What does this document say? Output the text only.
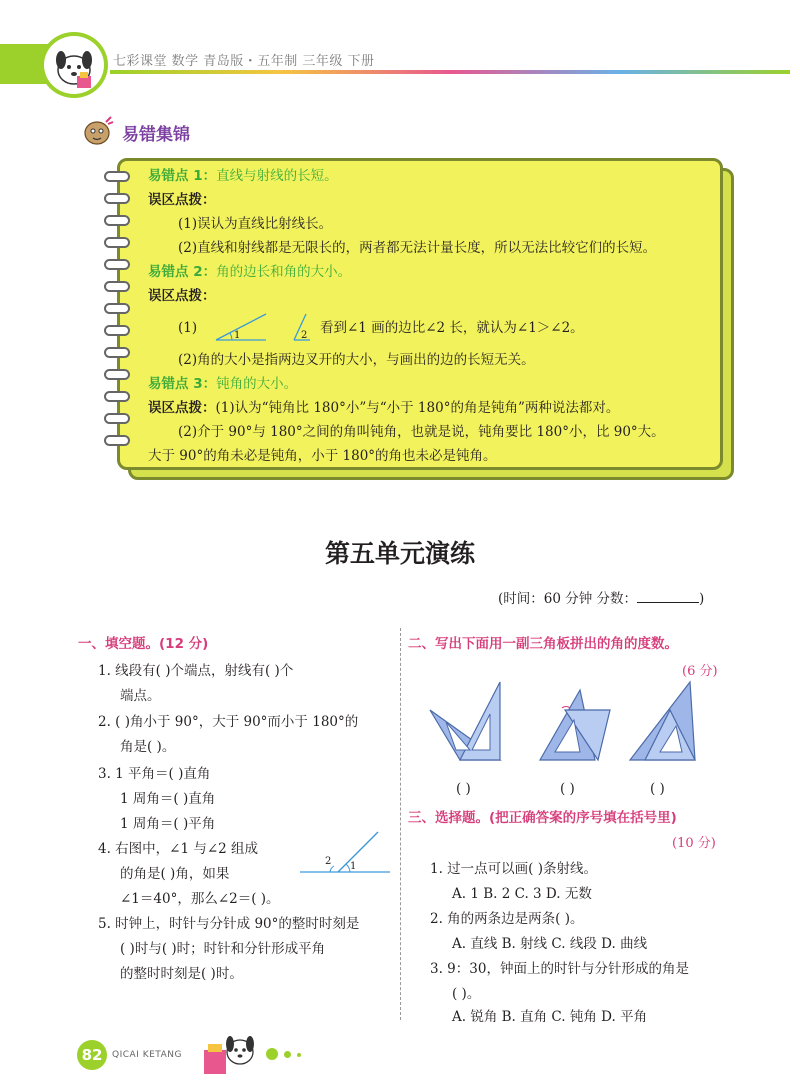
七彩课堂 数学 青岛版・五年制 三年级 下册
易错集锦
易错点 1：直线与射线的长短。
误区点拨：
(1)误认为直线比射线长。
(2)直线和射线都是无限长的，两者都无法计量长度，所以无法比较它们的长短。
易错点 2：角的边长和角的大小。
误区点拨：
(1)	1	2 看到∠1 画的边比∠2 长，就认为∠1＞∠2。
(2)角的大小是指两边叉开的大小，与画出的边的长短无关。
易错点 3：钝角的大小。
误区点拨：(1)认为“钝角比 180°小”与“小于 180°的角是钝角”两种说法都对。
(2)介于 90°与 180°之间的角叫钝角，也就是说，钝角要比 180°小，比 90°大。
大于 90°的角未必是钝角，小于 180°的角也未必是钝角。
第五单元演练
(时间：60 分钟 分数：	)
一、填空题。(12 分)
1. 线段有( )个端点，射线有( )个
端点。
2. ( )角小于 90°，大于 90°而小于 180°的
角是( )。
3. 1 平角＝( )直角
1 周角＝( )直角
1 周角＝( )平角
4. 右图中，∠1 与∠2 组成
的角是( )角，如果
∠1＝40°，那么∠2＝( )。
1
2
5. 时钟上，时针与分针成 90°的整时时刻是
( )时与( )时；时针和分针形成平角
的整时时刻是( )时。
二、写出下面用一副三角板拼出的角的度数。
(6 分)
( )	( )	( )
三、选择题。(把正确答案的序号填在括号里)
(10 分)
1. 过一点可以画( )条射线。
A. 1 B. 2 C. 3 D. 无数
2. 角的两条边是两条( )。
A. 直线 B. 射线 C. 线段 D. 曲线
3. 9：30，钟面上的时针与分针形成的角是
( )。
A. 锐角 B. 直角 C. 钝角 D. 平角
82	QICAI KETANG
